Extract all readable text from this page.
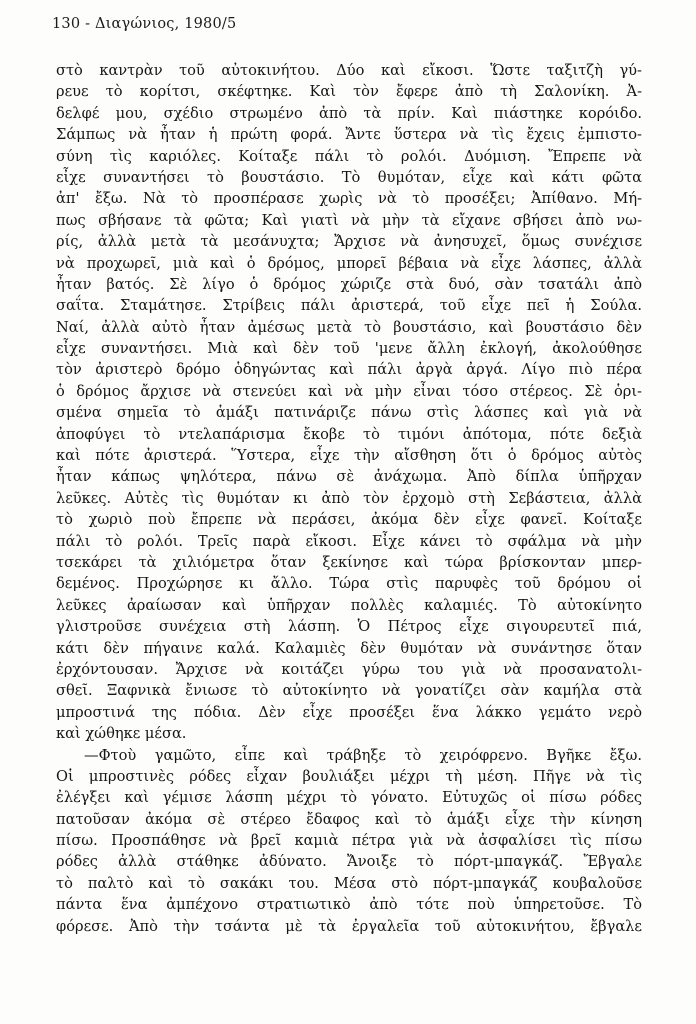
130 - Διαγώνιος, 1980/5
στὸ καντρὰν τοῦ αὐτοκινήτου. Δύο καὶ εἴκοσι. Ὥστε ταξιτζὴ γύ-
ρευε τὸ κορίτσι, σκέφτηκε. Καὶ τὸν ἔφερε ἀπὸ τὴ Σαλονίκη. Ἀ-
δελφέ μου, σχέδιο στρωμένο ἀπὸ τὰ πρίν. Καὶ πιάστηκε κορόιδο.
Σάμπως νὰ ἦταν ἡ πρώτη φορά. Ἄντε ὕστερα νὰ τὶς ἔχεις ἐμπιστο-
σύνη τὶς καριόλες. Κοίταξε πάλι τὸ ρολόι. Δυόμιση. Ἔπρεπε νὰ
εἶχε συναντήσει τὸ βουστάσιο. Τὸ θυμόταν, εἶχε καὶ κάτι φῶτα
ἀπ' ἔξω. Νὰ τὸ προσπέρασε χωρὶς νὰ τὸ προσέξει; Ἀπίθανο. Μή-
πως σβήσανε τὰ φῶτα; Καὶ γιατὶ νὰ μὴν τὰ εἴχανε σβήσει ἀπὸ νω-
ρίς, ἀλλὰ μετὰ τὰ μεσάνυχτα; Ἄρχισε νὰ ἀνησυχεῖ, ὅμως συνέχισε
νὰ προχωρεῖ, μιὰ καὶ ὁ δρόμος, μπορεῖ βέβαια νὰ εἶχε λάσπες, ἀλλὰ
ἦταν βατός. Σὲ λίγο ὁ δρόμος χώριζε στὰ δυό, σὰν τσατάλι ἀπὸ
σαΐτα. Σταμάτησε. Στρίβεις πάλι ἀριστερά, τοῦ εἶχε πεῖ ἡ Σούλα.
Ναί, ἀλλὰ αὐτὸ ἦταν ἀμέσως μετὰ τὸ βουστάσιο, καὶ βουστάσιο δὲν
εἶχε συναντήσει. Μιὰ καὶ δὲν τοῦ 'μενε ἄλλη ἐκλογή, ἀκολούθησε
τὸν ἀριστερὸ δρόμο ὁδηγώντας καὶ πάλι ἀργὰ ἀργά. Λίγο πιὸ πέρα
ὁ δρόμος ἄρχισε νὰ στενεύει καὶ νὰ μὴν εἶναι τόσο στέρεος. Σὲ ὁρι-
σμένα σημεῖα τὸ ἁμάξι πατινάριζε πάνω στὶς λάσπες καὶ γιὰ νὰ
ἀποφύγει τὸ ντελαπάρισμα ἔκοβε τὸ τιμόνι ἀπότομα, πότε δεξιὰ
καὶ πότε ἀριστερά. Ὕστερα, εἶχε τὴν αἴσθηση ὅτι ὁ δρόμος αὐτὸς
ἦταν κάπως ψηλότερα, πάνω σὲ ἀνάχωμα. Ἀπὸ δίπλα ὑπῆρχαν
λεῦκες. Αὐτὲς τὶς θυμόταν κι ἀπὸ τὸν ἐρχομὸ στὴ Σεβάστεια, ἀλλὰ
τὸ χωριὸ ποὺ ἔπρεπε νὰ περάσει, ἀκόμα δὲν εἶχε φανεῖ. Κοίταξε
πάλι τὸ ρολόι. Τρεῖς παρὰ εἴκοσι. Εἶχε κάνει τὸ σφάλμα νὰ μὴν
τσεκάρει τὰ χιλιόμετρα ὅταν ξεκίνησε καὶ τώρα βρίσκονταν μπερ-
δεμένος. Προχώρησε κι ἄλλο. Τώρα στὶς παρυφὲς τοῦ δρόμου οἱ
λεῦκες ἀραίωσαν καὶ ὑπῆρχαν πολλὲς καλαμιές. Τὸ αὐτοκίνητο
γλιστροῦσε συνέχεια στὴ λάσπη. Ὁ Πέτρος εἶχε σιγουρευτεῖ πιά,
κάτι δὲν πήγαινε καλά. Καλαμιὲς δὲν θυμόταν νὰ συνάντησε ὅταν
ἐρχόντουσαν. Ἄρχισε νὰ κοιτάζει γύρω του γιὰ νὰ προσανατολι-
σθεῖ. Ξαφνικὰ ἔνιωσε τὸ αὐτοκίνητο νὰ γονατίζει σὰν καμήλα στὰ
μπροστινά της πόδια. Δὲν εἶχε προσέξει ἕνα λάκκο γεμάτο νερὸ
καὶ χώθηκε μέσα.
—Φτοὺ γαμῶτο, εἶπε καὶ τράβηξε τὸ χειρόφρενο. Βγῆκε ἔξω.
Οἱ μπροστινὲς ρόδες εἶχαν βουλιάξει μέχρι τὴ μέση. Πῆγε νὰ τὶς
ἐλέγξει καὶ γέμισε λάσπη μέχρι τὸ γόνατο. Εὐτυχῶς οἱ πίσω ρόδες
πατοῦσαν ἀκόμα σὲ στέρεο ἔδαφος καὶ τὸ ἁμάξι εἶχε τὴν κίνηση
πίσω. Προσπάθησε νὰ βρεῖ καμιὰ πέτρα γιὰ νὰ ἀσφαλίσει τὶς πίσω
ρόδες ἀλλὰ στάθηκε ἀδύνατο. Ἄνοιξε τὸ πόρτ-μπαγκάζ. Ἔβγαλε
τὸ παλτὸ καὶ τὸ σακάκι του. Μέσα στὸ πόρτ-μπαγκάζ κουβαλοῦσε
πάντα ἕνα ἀμπέχονο στρατιωτικὸ ἀπὸ τότε ποὺ ὑπηρετοῦσε. Τὸ
φόρεσε. Ἀπὸ τὴν τσάντα μὲ τὰ ἐργαλεῖα τοῦ αὐτοκινήτου, ἔβγαλε
